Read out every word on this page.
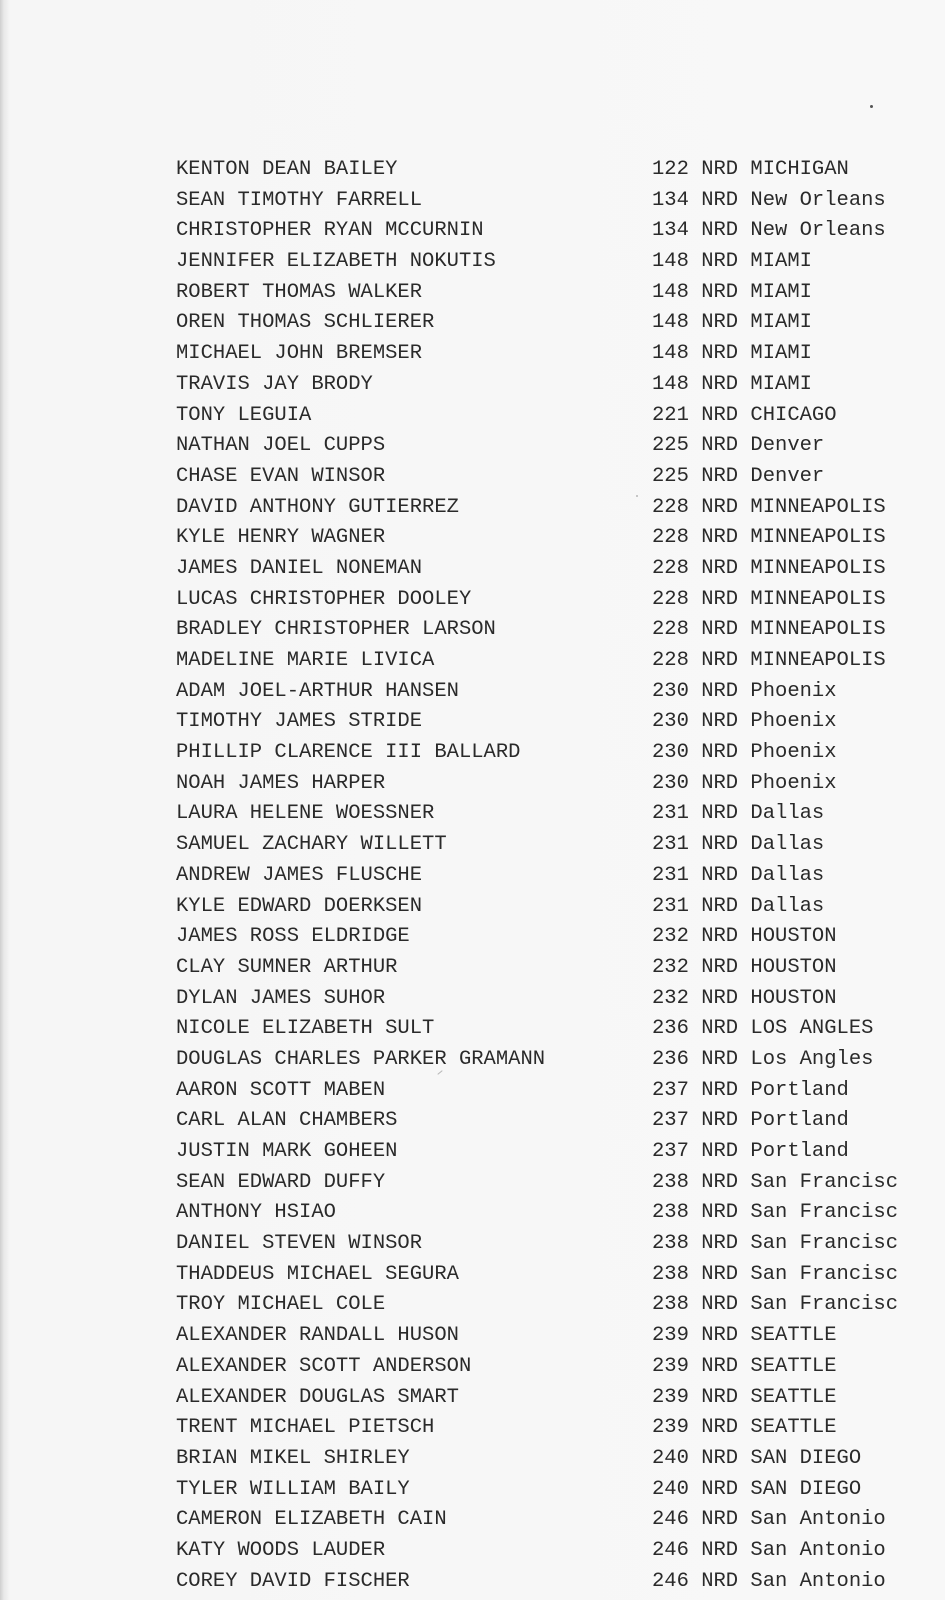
KENTON DEAN BAILEY	122 NRD MICHIGAN
SEAN TIMOTHY FARRELL	134 NRD New Orleans
CHRISTOPHER RYAN MCCURNIN	134 NRD New Orleans
JENNIFER ELIZABETH NOKUTIS	148 NRD MIAMI
ROBERT THOMAS WALKER	148 NRD MIAMI
OREN THOMAS SCHLIERER	148 NRD MIAMI
MICHAEL JOHN BREMSER	148 NRD MIAMI
TRAVIS JAY BRODY	148 NRD MIAMI
TONY LEGUIA	221 NRD CHICAGO
NATHAN JOEL CUPPS	225 NRD Denver
CHASE EVAN WINSOR	225 NRD Denver
DAVID ANTHONY GUTIERREZ	228 NRD MINNEAPOLIS
KYLE HENRY WAGNER	228 NRD MINNEAPOLIS
JAMES DANIEL NONEMAN	228 NRD MINNEAPOLIS
LUCAS CHRISTOPHER DOOLEY	228 NRD MINNEAPOLIS
BRADLEY CHRISTOPHER LARSON	228 NRD MINNEAPOLIS
MADELINE MARIE LIVICA	228 NRD MINNEAPOLIS
ADAM JOEL-ARTHUR HANSEN	230 NRD Phoenix
TIMOTHY JAMES STRIDE	230 NRD Phoenix
PHILLIP CLARENCE III BALLARD	230 NRD Phoenix
NOAH JAMES HARPER	230 NRD Phoenix
LAURA HELENE WOESSNER	231 NRD Dallas
SAMUEL ZACHARY WILLETT	231 NRD Dallas
ANDREW JAMES FLUSCHE	231 NRD Dallas
KYLE EDWARD DOERKSEN	231 NRD Dallas
JAMES ROSS ELDRIDGE	232 NRD HOUSTON
CLAY SUMNER ARTHUR	232 NRD HOUSTON
DYLAN JAMES SUHOR	232 NRD HOUSTON
NICOLE ELIZABETH SULT	236 NRD LOS ANGLES
DOUGLAS CHARLES PARKER GRAMANN	236 NRD Los Angles
AARON SCOTT MABEN	237 NRD Portland
CARL ALAN CHAMBERS	237 NRD Portland
JUSTIN MARK GOHEEN	237 NRD Portland
SEAN EDWARD DUFFY	238 NRD San Francisc
ANTHONY HSIAO	238 NRD San Francisc
DANIEL STEVEN WINSOR	238 NRD San Francisc
THADDEUS MICHAEL SEGURA	238 NRD San Francisc
TROY MICHAEL COLE	238 NRD San Francisc
ALEXANDER RANDALL HUSON	239 NRD SEATTLE
ALEXANDER SCOTT ANDERSON	239 NRD SEATTLE
ALEXANDER DOUGLAS SMART	239 NRD SEATTLE
TRENT MICHAEL PIETSCH	239 NRD SEATTLE
BRIAN MIKEL SHIRLEY	240 NRD SAN DIEGO
TYLER WILLIAM BAILY	240 NRD SAN DIEGO
CAMERON ELIZABETH CAIN	246 NRD San Antonio
KATY WOODS LAUDER	246 NRD San Antonio
COREY DAVID FISCHER	246 NRD San Antonio
